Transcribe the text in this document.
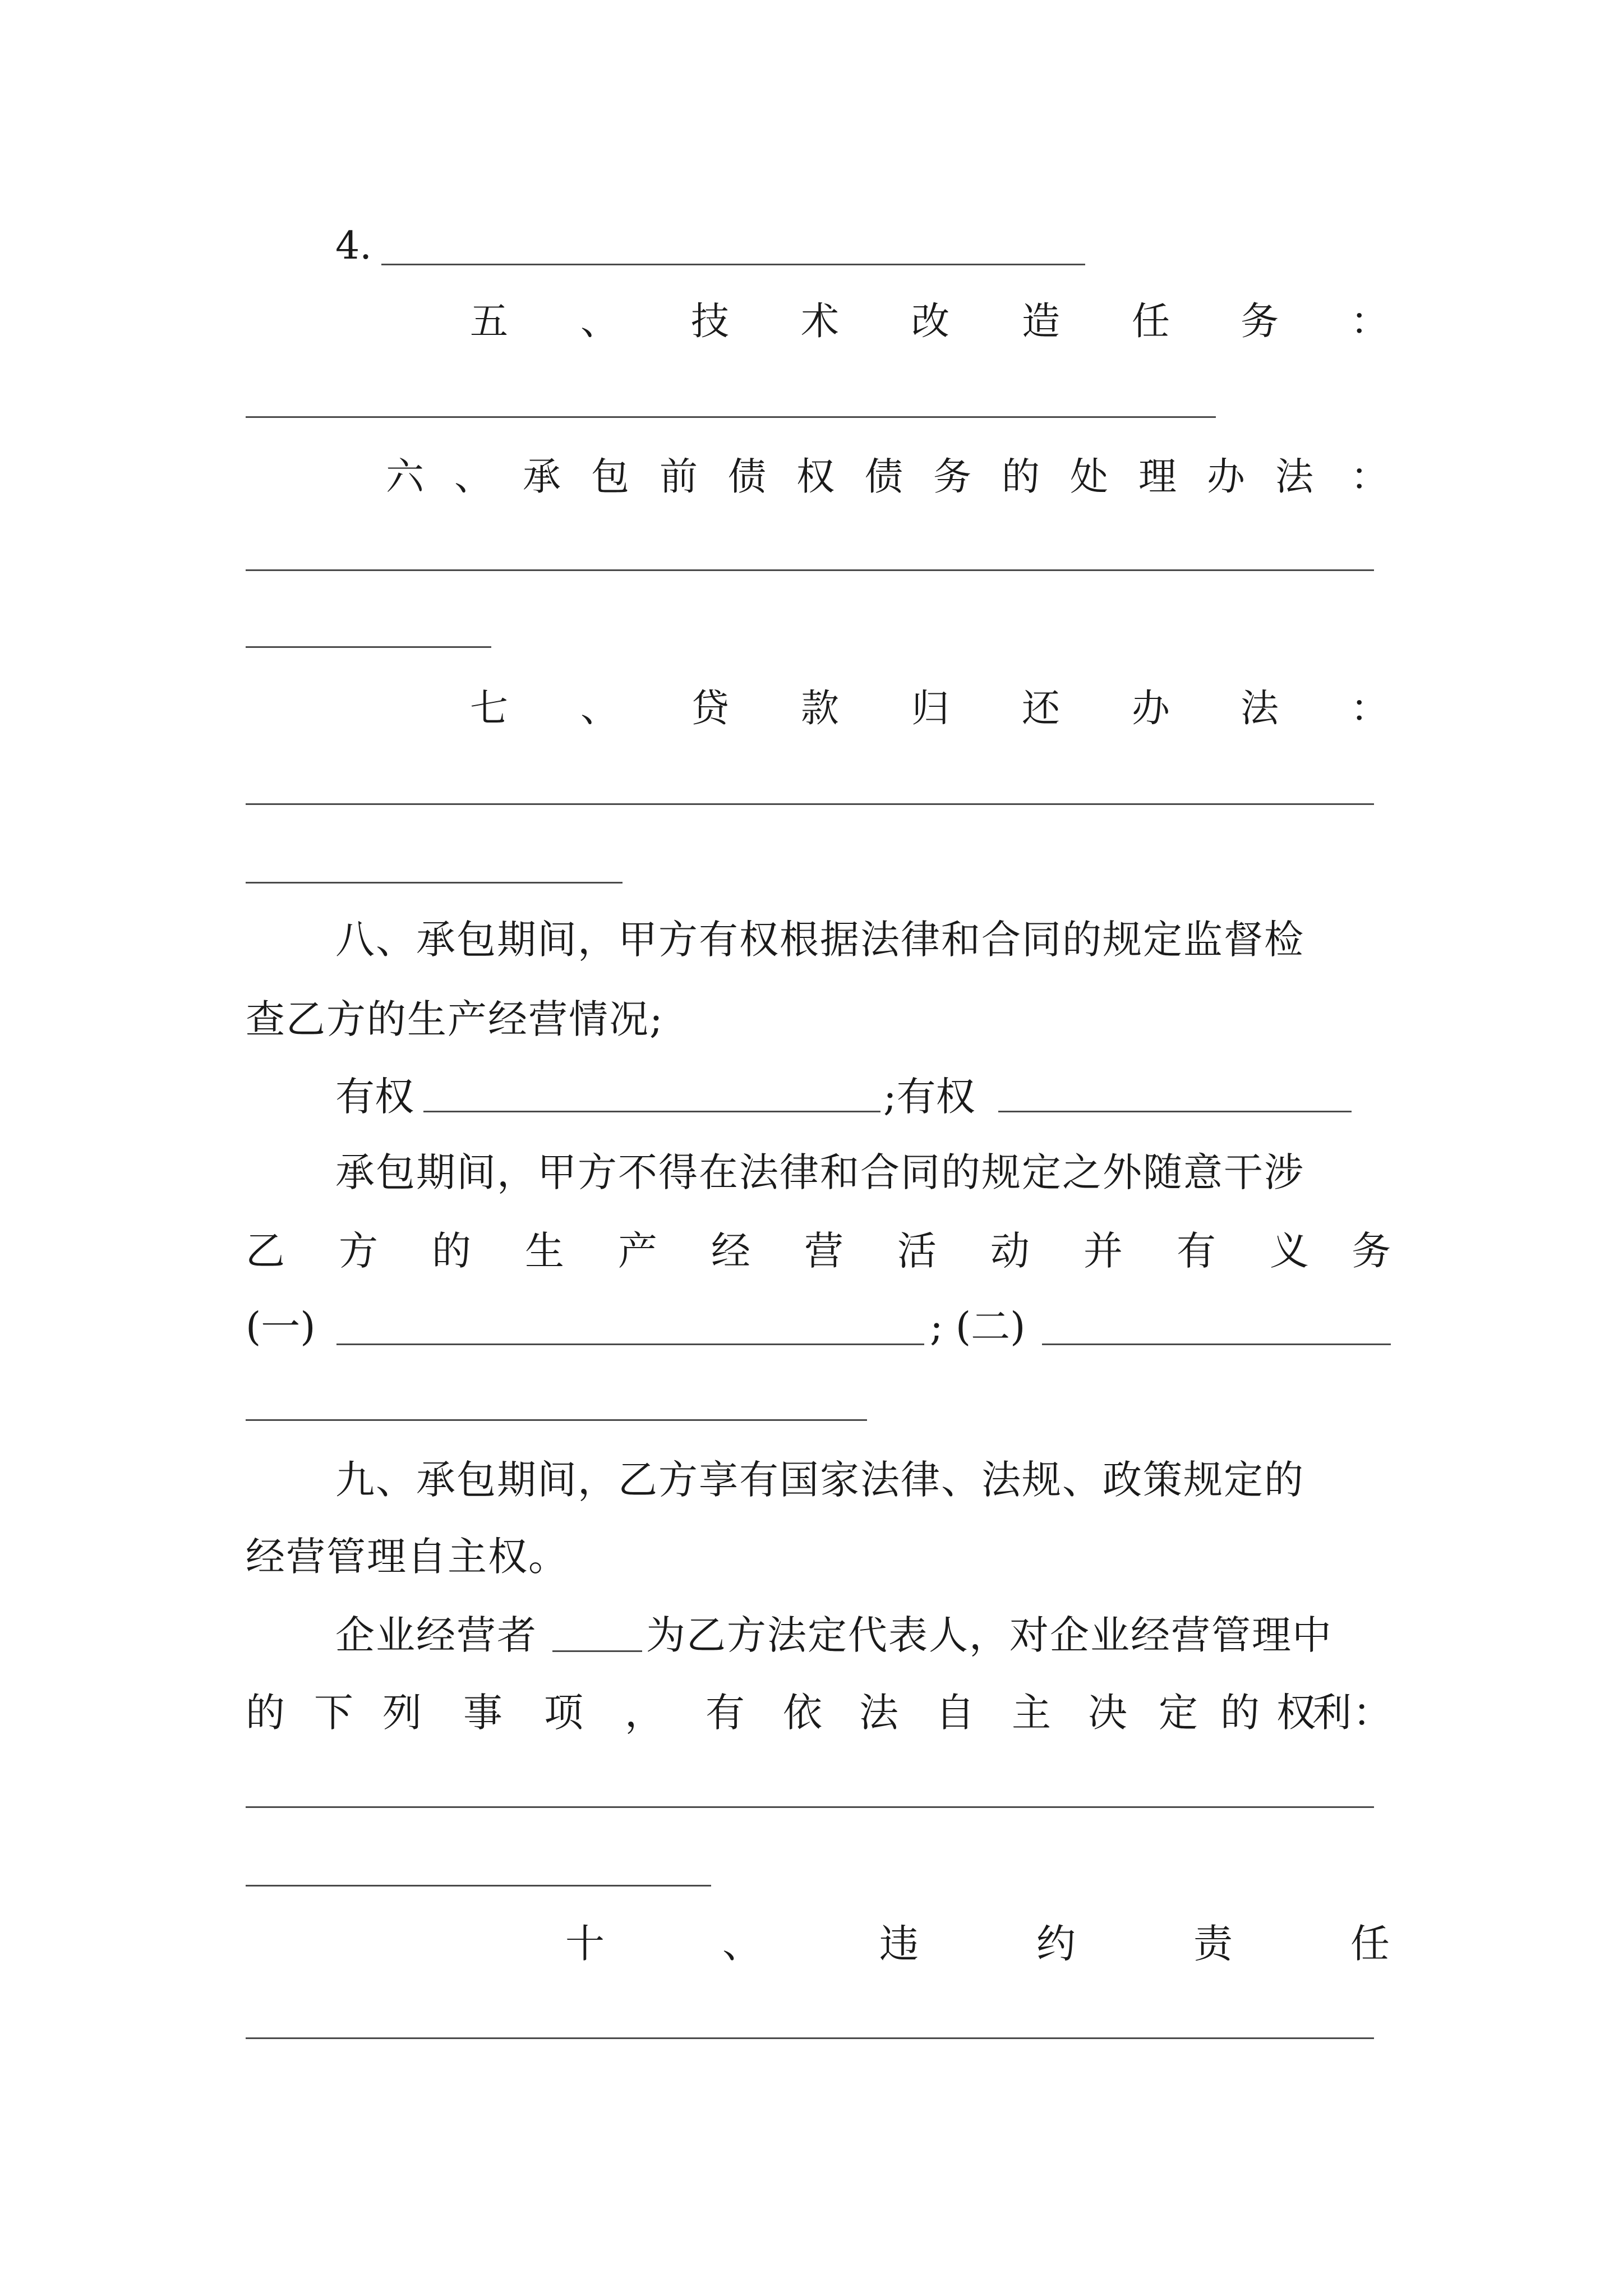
4.
五 、 技 术 改 造 任 务 ：
六 、 承 包 前 债 权 债 务 的 处 理 办 法 ：
七 、 贷 款 归 还 办 法 ：
八、承包期间，甲方有权根据法律和合同的规定监督检
查乙方的生产经营情况;
有权	;有权
承包期间，甲方不得在法律和合同的规定之外随意干涉
乙 方 的 生 产 经 营 活 动 并 有 义 务
(一)	; (二)
九、承包期间，乙方享有国家法律、法规、政策规定的
经营管理自主权。
企业经营者	为乙方法定代表人，对企业经营管理中
的 下 列 事 项 ， 有 依 法 自 主 决 定 的 权
利 ：
十	、	违	约	责	任
